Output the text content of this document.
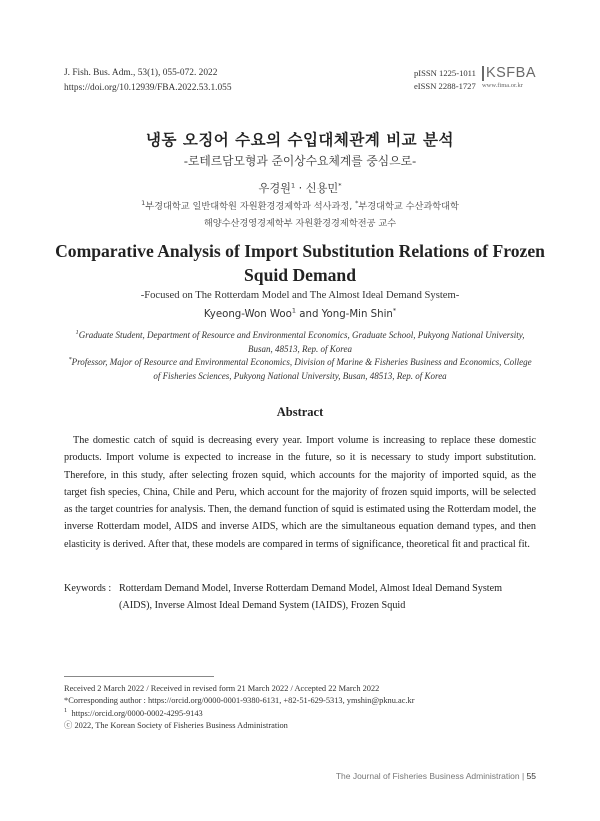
J. Fish. Bus. Adm., 53(1), 055-072. 2022
https://doi.org/10.12939/FBA.2022.53.1.055
pISSN 1225-1011
eISSN 2288-1727
KSFBA
www.fima.or.kr
냉동 오징어 수요의 수입대체관계 비교 분석
-로테르담모형과 준이상수요체계를 중심으로-
우경원$^1$ · 신용민*
$^1$부경대학교 일반대학원 자원환경경제학과 석사과정, *부경대학교 수산과학대학
해양수산경영경제학부 자원환경경제학전공 교수
Comparative Analysis of Import Substitution Relations of Frozen Squid Demand
-Focused on The Rotterdam Model and The Almost Ideal Demand System-
Kyeong-Won Woo$^1$ and Yong-Min Shin*

$^1$Graduate Student, Department of Resource and Environmental Economics, Graduate School, Pukyong National University, Busan, 48513, Rep. of Korea

*Professor, Major of Resource and Environmental Economics, Division of Marine & Fisheries Business and Economics, College of Fisheries Sciences, Pukyong National University, Busan, 48513, Rep. of Korea

Abstract

The domestic catch of squid is decreasing every year. Import volume is increasing to replace these domestic products. Import volume is expected to increase in the future, so it is necessary to study import substitution. Therefore, in this study, after selecting frozen squid, which accounts for the majority of imported squid, as the target fish species, China, Chile and Peru, which account for the majority of frozen squid imports, will be selected as the target countries for analysis. Then, the demand function of squid is estimated using the Rotterdam model, the inverse Rotterdam model, AIDS and inverse AIDS, which are the simultaneous equation demand types, and then elasticity is derived. After that, these models are compared in terms of significance, theoretical fit and practical fit.

Keywords : Rotterdam Demand Model, Inverse Rotterdam Demand Model, Almost Ideal Demand System (AIDS), Inverse Almost Ideal Demand System (IAIDS), Frozen Squid
Received 2 March 2022 / Received in revised form 21 March 2022 / Accepted 22 March 2022
*Corresponding author : https://orcid.org/0000-0001-9380-6131, +82-51-629-5313, ymshin@pknu.ac.kr
$^1$ https://orcid.org/0000-0002-4295-9143
ⓒ 2022, The Korean Society of Fisheries Business Administration
The Journal of Fisheries Business Administration | 55
